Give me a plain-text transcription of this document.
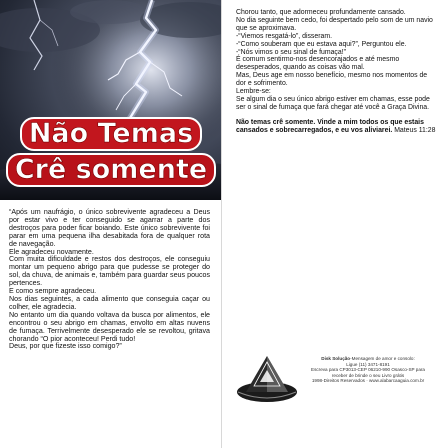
Não Temas
Crê somente

“Após um naufrágio, o único sobrevivente agradeceu a Deus por estar vivo e ter conseguido se agarrar a parte dos destroços para poder ficar boiando. Este único sobrevivente foi parar em uma pequena ilha desabitada fora de qualquer rota de navegação.

Ele agradeceu novamente.

Com muita dificuldade e restos dos destroços, ele conseguiu montar um pequeno abrigo para que pudesse se proteger do sol, da chuva, de animais e, também para guardar seus poucos pertences.

E como sempre agradeceu.

Nos dias seguintes, a cada alimento que conseguia caçar ou colher, ele agradecia.

No entanto um dia quando voltava da busca por alimentos, ele encontrou o seu abrigo em chamas, envolto em altas nuvens de fumaça. Terrivelmente desesperado ele se revoltou, gritava chorando “O pior aconteceu! Perdi tudo!

Deus, por que fizeste isso comigo?”

Chorou tanto, que adormeceu profundamente cansado.

No dia seguinte bem cedo, foi despertado pelo som de um navio que se aproximava.

-“Viemos resgatá-lo”, disseram.

-“Como souberam que eu estava aqui?”, Perguntou ele.

-“Nós vimos o seu sinal de fumaça!”

É comum sentirmo-nos desencorajados e até mesmo desesperados, quando as coisas vão mal.

Mas, Deus age em nosso benefício, mesmo nos momentos de dor e sofrimento.

Lembre-se:

Se algum dia o seu único abrigo estiver em chamas, esse pode ser o sinal de fumaça que fará chegar até você a Graça Divina.

Não temas crê somente. Vinde a mim todos os que estais cansados e sobrecarregados, e eu vos aliviarei. Mateus 11:28

Disk Solução-Mensagem de amor e consolo:
Ligue (11) 3471-8191
Escreva para CP3013-CEP 06210-990 Osasco-SP para receber de brinde o seu Livro grátis
1998-Direitos Reservados · www.alabarcaaguia.com.br
